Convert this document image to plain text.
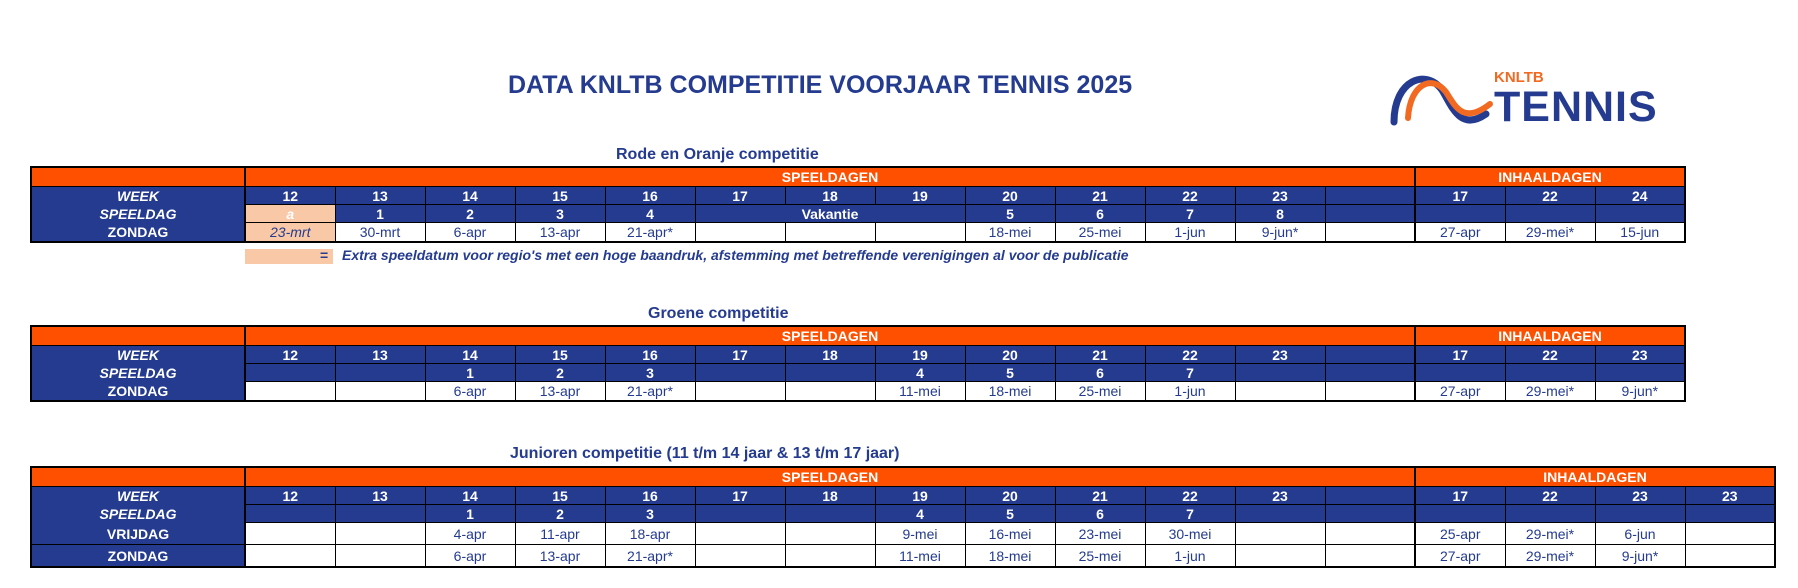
DATA KNLTB COMPETITIE VOORJAAR TENNIS 2025	KNLTB
TENNIS
Rode en Oranje competitie
	SPEELDAGEN													INHAALDAGEN		
WEEK	12	13	14	15	16	17	18	19	20	21	22	23		17	22	24
SPEELDAG	a	1	2	3	4	Vakantie			5	6	7	8				
ZONDAG	23-mrt	30-mrt	6-apr	13-apr	21-apr*				18-mei	25-mei	1-jun	9-jun*		27-apr	29-mei*	15-jun
= Extra speeldatum voor regio's met een hoge baandruk, afstemming met betreffende verenigingen al voor de publicatie
Groene competitie
	SPEELDAGEN													INHAALDAGEN		
WEEK	12	13	14	15	16	17	18	19	20	21	22	23		17	22	23
SPEELDAG			1	2	3			4	5	6	7					
ZONDAG			6-apr	13-apr	21-apr*			11-mei	18-mei	25-mei	1-jun			27-apr	29-mei*	9-jun*
Junioren competitie (11 t/m 14 jaar & 13 t/m 17 jaar)
	SPEELDAGEN													INHAALDAGEN			
WEEK	12	13	14	15	16	17	18	19	20	21	22	23		17	22	23	23
SPEELDAG			1	2	3			4	5	6	7						
VRIJDAG			4-apr	11-apr	18-apr			9-mei	16-mei	23-mei	30-mei			25-apr	29-mei*	6-jun	
ZONDAG			6-apr	13-apr	21-apr*			11-mei	18-mei	25-mei	1-jun			27-apr	29-mei*	9-jun*	
